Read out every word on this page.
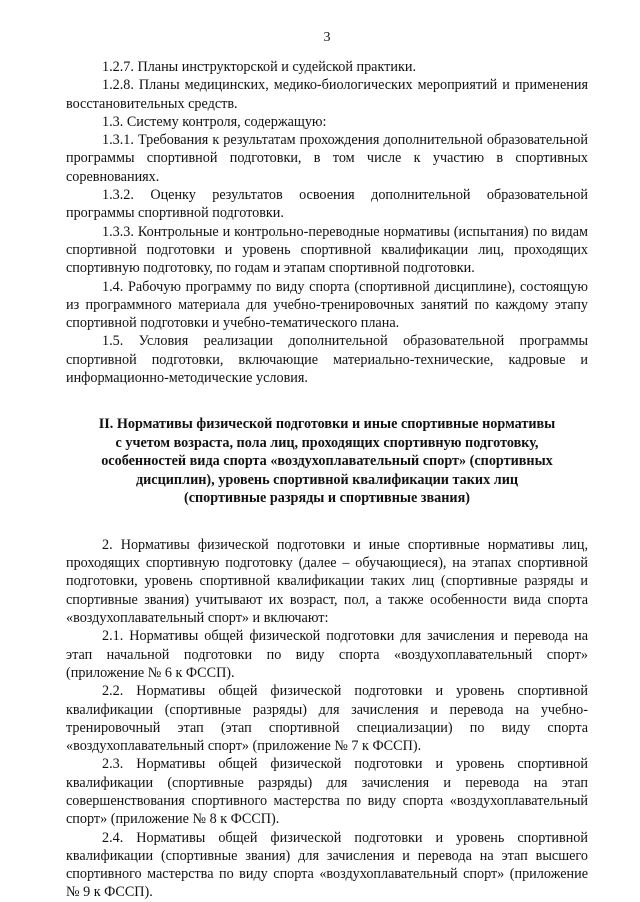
3

1.2.7. Планы инструкторской и судейской практики.

1.2.8. Планы медицинских, медико-биологических мероприятий и применения восстановительных средств.

1.3. Систему контроля, содержащую:

1.3.1. Требования к результатам прохождения дополнительной образовательной программы спортивной подготовки, в том числе к участию в спортивных соревнованиях.

1.3.2. Оценку результатов освоения дополнительной образовательной программы спортивной подготовки.

1.3.3. Контрольные и контрольно-переводные нормативы (испытания) по видам спортивной подготовки и уровень спортивной квалификации лиц, проходящих спортивную подготовку, по годам и этапам спортивной подготовки.

1.4. Рабочую программу по виду спорта (спортивной дисциплине), состоящую из программного материала для учебно-тренировочных занятий по каждому этапу спортивной подготовки и учебно-тематического плана.

1.5. Условия реализации дополнительной образовательной программы спортивной подготовки, включающие материально-технические, кадровые и информационно-методические условия.

II. Нормативы физической подготовки и иные спортивные нормативы
с учетом возраста, пола лиц, проходящих спортивную подготовку,
особенностей вида спорта «воздухоплавательный спорт» (спортивных
дисциплин), уровень спортивной квалификации таких лиц
(спортивные разряды и спортивные звания)

2. Нормативы физической подготовки и иные спортивные нормативы лиц, проходящих спортивную подготовку (далее – обучающиеся), на этапах спортивной подготовки, уровень спортивной квалификации таких лиц (спортивные разряды и спортивные звания) учитывают их возраст, пол, а также особенности вида спорта «воздухоплавательный спорт» и включают:

2.1. Нормативы общей физической подготовки для зачисления и перевода на этап начальной подготовки по виду спорта «воздухоплавательный спорт» (приложение № 6 к ФССП).

2.2. Нормативы общей физической подготовки и уровень спортивной квалификации (спортивные разряды) для зачисления и перевода на учебно-тренировочный этап (этап спортивной специализации) по виду спорта «воздухоплавательный спорт» (приложение № 7 к ФССП).

2.3. Нормативы общей физической подготовки и уровень спортивной квалификации (спортивные разряды) для зачисления и перевода на этап совершенствования спортивного мастерства по виду спорта «воздухоплавательный спорт» (приложение № 8 к ФССП).

2.4. Нормативы общей физической подготовки и уровень спортивной квалификации (спортивные звания) для зачисления и перевода на этап высшего спортивного мастерства по виду спорта «воздухоплавательный спорт» (приложение № 9 к ФССП).
